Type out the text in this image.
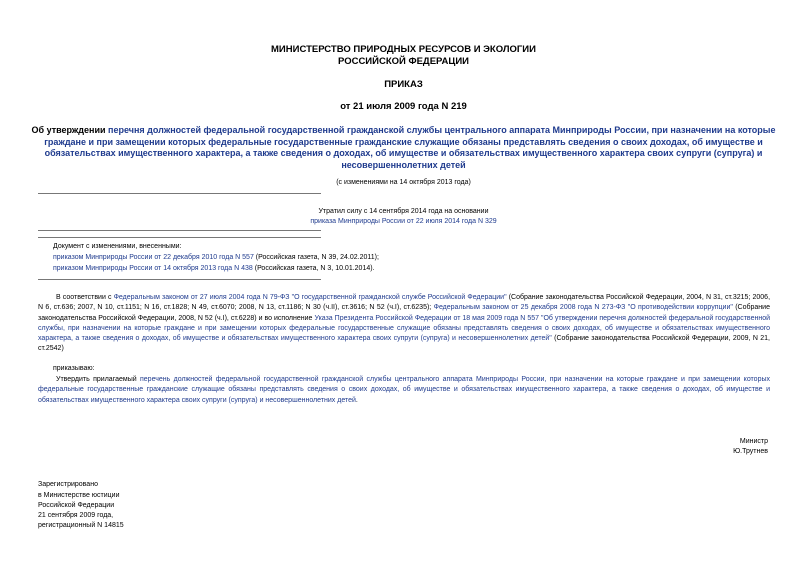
МИНИСТЕРСТВО ПРИРОДНЫХ РЕСУРСОВ И ЭКОЛОГИИ
РОССИЙСКОЙ ФЕДЕРАЦИИ
ПРИКАЗ
от 21 июля 2009 года N 219
Об утверждении перечня должностей федеральной государственной гражданской службы центрального аппарата Минприроды России, при назначении на которые граждане и при замещении которых федеральные государственные гражданские служащие обязаны представлять сведения о своих доходах, об имуществе и обязательствах имущественного характера, а также сведения о доходах, об имуществе и обязательствах имущественного характера своих супруги (супруга) и несовершеннолетних детей
(с изменениями на 14 октября 2013 года)
Утратил силу с 14 сентября 2014 года на основании
приказа Минприроды России от 22 июля 2014 года N 329
Документ с изменениями, внесенными:
приказом Минприроды России от 22 декабря 2010 года N 557 (Российская газета, N 39, 24.02.2011);
приказом Минприроды России от 14 октября 2013 года N 438 (Российская газета, N 3, 10.01.2014).
В соответствии с Федеральным законом от 27 июля 2004 года N 79-ФЗ "О государственной гражданской службе Российской Федерации" (Собрание законодательства Российской Федерации, 2004, N 31, ст.3215; 2006, N 6, ст.636; 2007, N 10, ст.1151; N 16, ст.1828; N 49, ст.6070; 2008, N 13, ст.1186; N 30 (ч.II), ст.3616; N 52 (ч.I), ст.6235); Федеральным законом от 25 декабря 2008 года N 273-ФЗ "О противодействии коррупции" (Собрание законодательства Российской Федерации, 2008, N 52 (ч.I), ст.6228) и во исполнение Указа Президента Российской Федерации от 18 мая 2009 года N 557 "Об утверждении перечня должностей федеральной государственной службы, при назначении на которые граждане и при замещении которых федеральные государственные служащие обязаны представлять сведения о своих доходах, об имуществе и обязательствах имущественного характера, а также сведения о доходах, об имуществе и обязательствах имущественного характера своих супруги (супруга) и несовершеннолетних детей" (Собрание законодательства Российской Федерации, 2009, N 21, ст.2542)
приказываю:
Утвердить прилагаемый перечень должностей федеральной государственной гражданской службы центрального аппарата Минприроды России, при назначении на которые граждане и при замещении которых федеральные государственные гражданские служащие обязаны представлять сведения о своих доходах, об имуществе и обязательствах имущественного характера, а также сведения о доходах, об имуществе и обязательствах имущественного характера своих супруги (супруга) и несовершеннолетних детей.
Министр
Ю.Трутнев
Зарегистрировано
в Министерстве юстиции
Российской Федерации
21 сентября 2009 года,
регистрационный N 14815
